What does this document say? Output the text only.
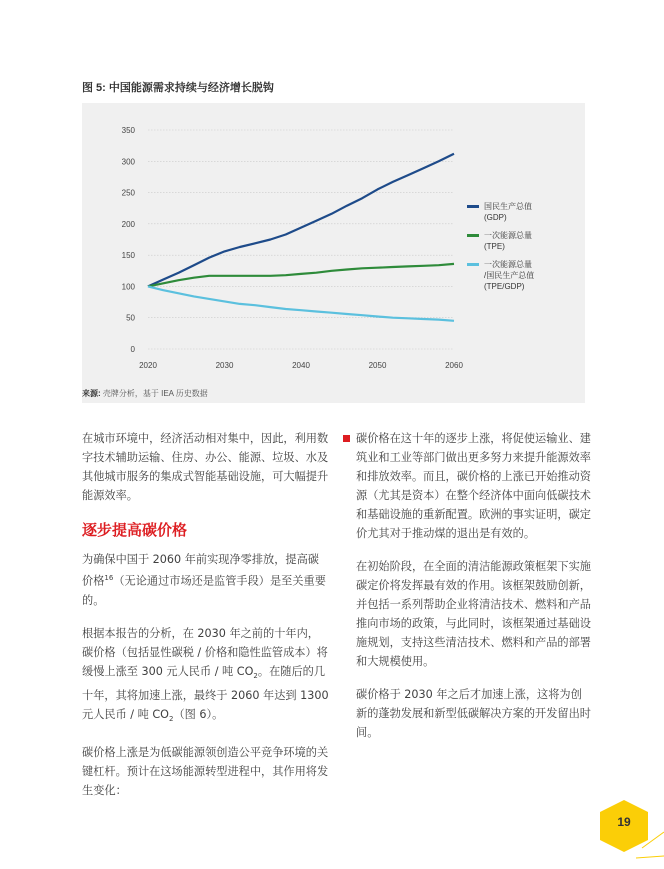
图 5: 中国能源需求持续与经济增长脱钩
0
50
100
150
200
250
300
350
2020	2030	2040	2050	2060
国民生产总值
(GDP)
一次能源总量
(TPE)
一次能源总量
/国民生产总值
(TPE/GDP)
来源: 壳牌分析，基于 IEA 历史数据

在城市环境中，经济活动相对集中，因此，利用数字技术辅助运输、住房、办公、能源、垃圾、水及其他城市服务的集成式智能基础设施，可大幅提升能源效率。

逐步提高碳价格

为确保中国于 2060 年前实现净零排放，提高碳价格$^{16}$（无论通过市场还是监管手段）是至关重要的。

根据本报告的分析，在 2030 年之前的十年内，碳价格（包括显性碳税 / 价格和隐性监管成本）将缓慢上涨至 300 元人民币 / 吨 $CO_2$。在随后的几十年，其将加速上涨，最终于 2060 年达到 1300 元人民币 / 吨 $CO_2$（图 6）。

碳价格上涨是为低碳能源领创造公平竞争环境的关键杠杆。预计在这场能源转型进程中，其作用将发生变化：

碳价格在这十年的逐步上涨，将促使运输业、建筑业和工业等部门做出更多努力来提升能源效率和排放效率。而且，碳价格的上涨已开始推动资源（尤其是资本）在整个经济体中面向低碳技术和基础设施的重新配置。欧洲的事实证明，碳定价尤其对于推动煤的退出是有效的。

在初始阶段，在全面的清洁能源政策框架下实施碳定价将发挥最有效的作用。该框架鼓励创新，并包括一系列帮助企业将清洁技术、燃料和产品推向市场的政策，与此同时，该框架通过基础设施规划，支持这些清洁技术、燃料和产品的部署和大规模使用。

碳价格于 2030 年之后才加速上涨，这将为创新的蓬勃发展和新型低碳解决方案的开发留出时间。

19
